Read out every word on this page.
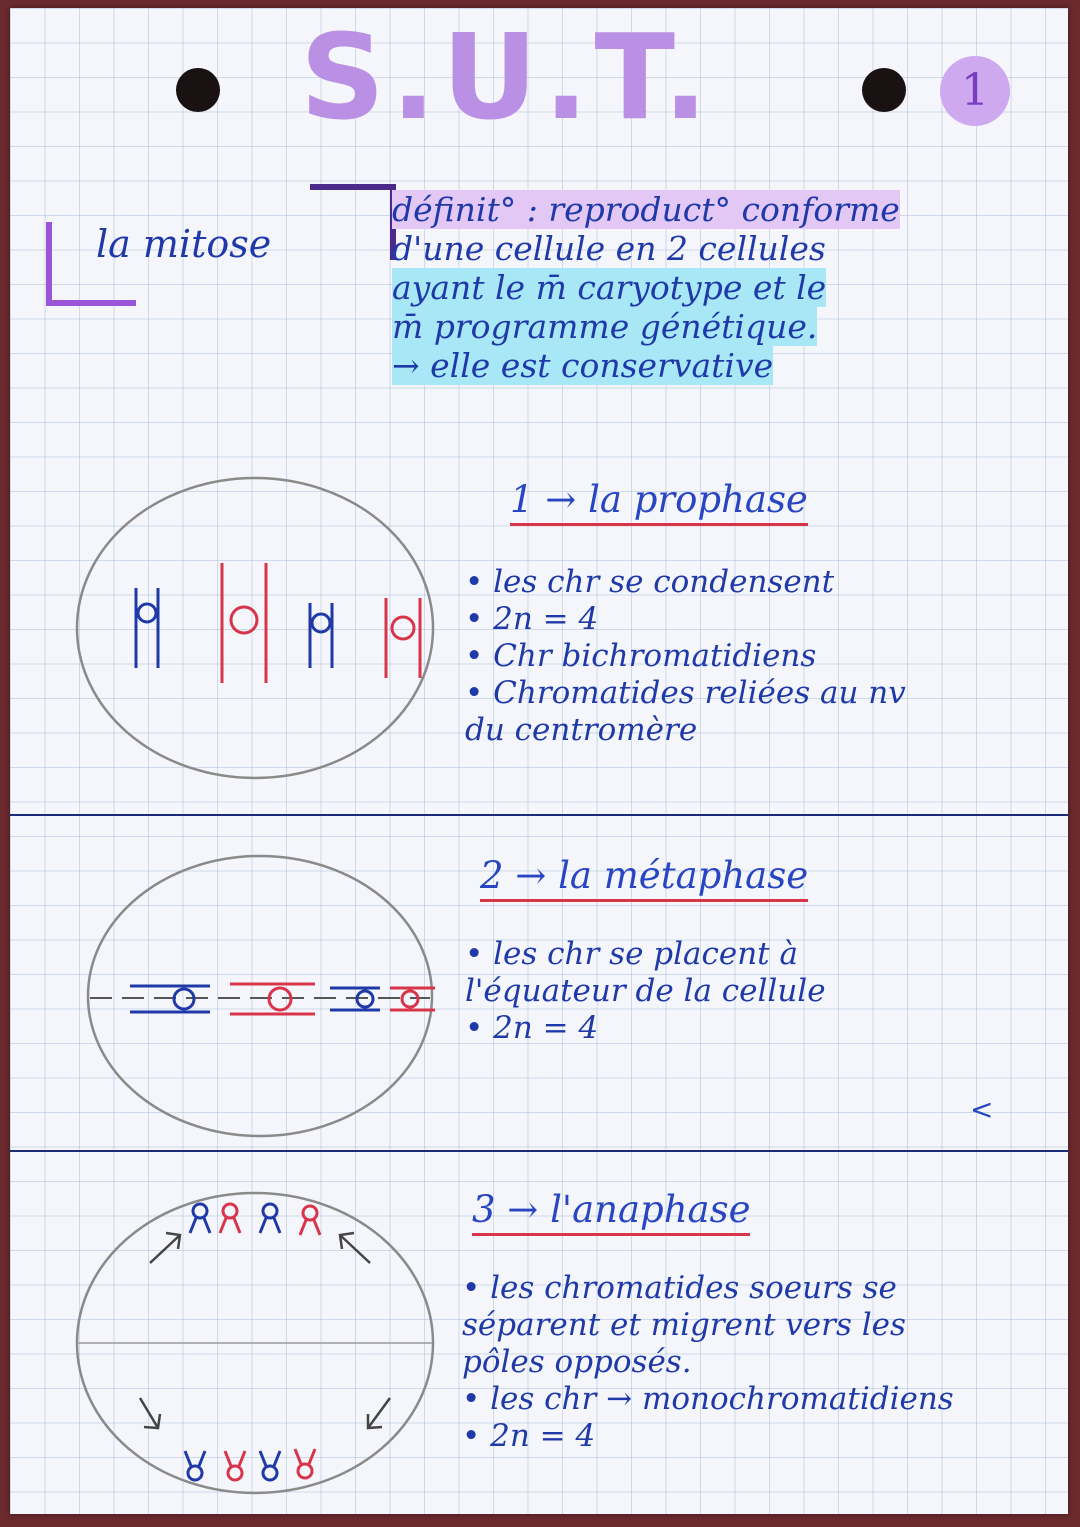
S.U.T.	1
la mitose

définit° : reproduct° conforme

d'une cellule en 2 cellules

ayant le m̄ caryotype et le

m̄ programme génétique.

→ elle est conservative

1 → la prophase

• les chr se condensent

• 2n = 4

• Chr bichromatidiens

• Chromatides reliées au nv

du centromère

2 → la métaphase

• les chr se placent à

l'équateur de la cellule

• 2n = 4

<
3 → l'anaphase

• les chromatides soeurs se

séparent et migrent vers les

pôles opposés.

• les chr → monochromatidiens

• 2n = 4
